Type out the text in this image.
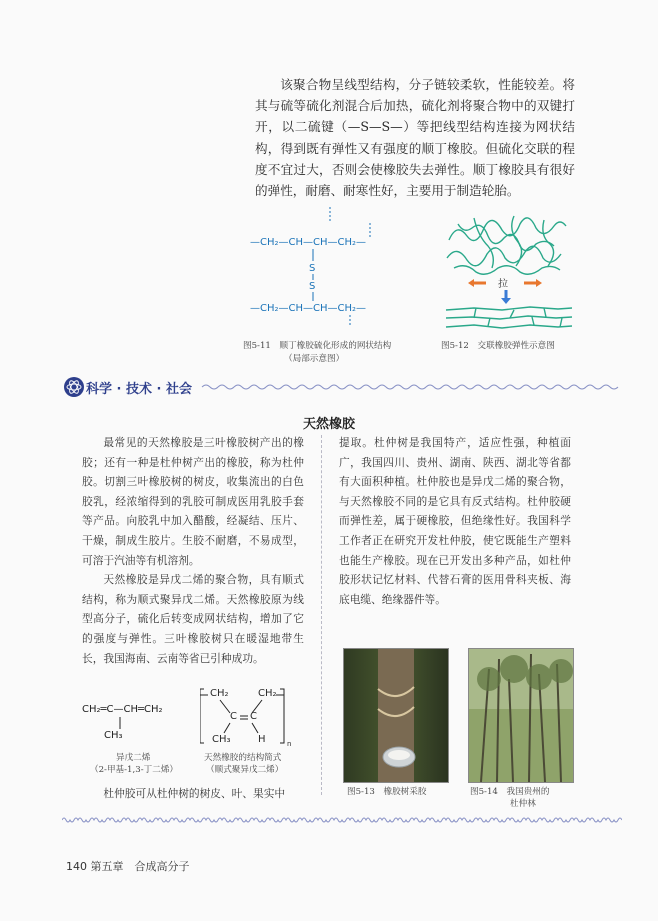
该聚合物呈线型结构，分子链较柔软，性能较差。将其与硫等硫化剂混合后加热，硫化剂将聚合物中的双键打开，以二硫键（—S—S—）等把线型结构连接为网状结构，得到既有弹性又有强度的顺丁橡胶。但硫化交联的程度不宜过大，否则会使橡胶失去弹性。顺丁橡胶具有很好的弹性，耐磨、耐寒性好，主要用于制造轮胎。

—CH₂—CH—CH—CH₂—
S
S
—CH₂—CH—CH—CH₂—
图5-11　顺丁橡胶硫化形成的网状结构
（局部示意图）
拉
图5-12　交联橡胶弹性示意图
科学 · 技术 · 社会
天然橡胶

最常见的天然橡胶是三叶橡胶树产出的橡胶；还有一种是杜仲树产出的橡胶，称为杜仲胶。切割三叶橡胶树的树皮，收集流出的白色胶乳，经浓缩得到的乳胶可制成医用乳胶手套等产品。向胶乳中加入醋酸，经凝结、压片、干燥，制成生胶片。生胶不耐磨，不易成型，可溶于汽油等有机溶剂。

天然橡胶是异戊二烯的聚合物，具有顺式结构，称为顺式聚异戊二烯。天然橡胶原为线型高分子，硫化后转变成网状结构，增加了它的强度与弹性。三叶橡胶树只在暖湿地带生长，我国海南、云南等省已引种成功。

CH₂═C—CH═CH₂
CH₃
异戊二烯
（2-甲基-1,3-丁二烯）
CH₂	CH₂
C C
CH₃	H	n
天然橡胶的结构简式
（顺式聚异戊二烯）

杜仲胶可从杜仲树的树皮、叶、果实中

提取。杜仲树是我国特产，适应性强，种植面广，我国四川、贵州、湖南、陕西、湖北等省都有大面积种植。杜仲胶也是异戊二烯的聚合物，与天然橡胶不同的是它具有反式结构。杜仲胶硬而弹性差，属于硬橡胶，但绝缘性好。我国科学工作者正在研究开发杜仲胶，使它既能生产塑料也能生产橡胶。现在已开发出多种产品，如杜仲胶形状记忆材料、代替石膏的医用骨科夹板、海底电缆、绝缘器件等。

图5-13　橡胶树采胶	图5-14　我国贵州的
杜仲林
140 第五章　合成高分子
